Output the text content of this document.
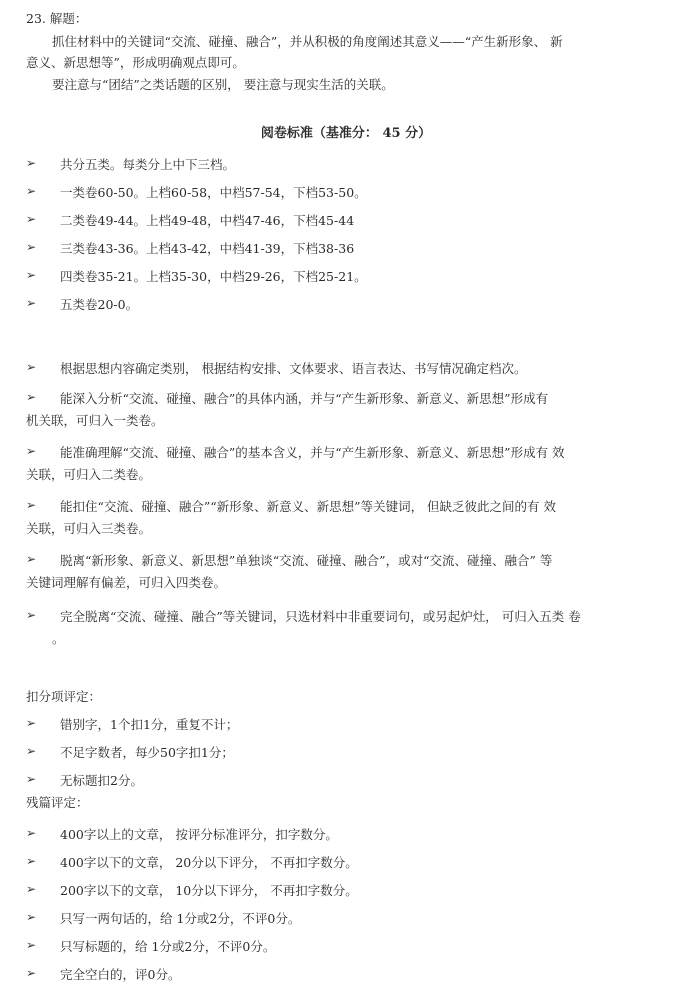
23. 解题：
抓住材料中的关键词“交流、碰撞、融合”，并从积极的角度阐述其意义——“产生新形象、 新
意义、新思想等”，形成明确观点即可。
要注意与“团结”之类话题的区别， 要注意与现实生活的关联。
阅卷标准（基准分： 45 分）
➢ 共分五类。每类分上中下三档。
➢ 一类卷60-50。上档60-58，中档57-54，下档53-50。
➢ 二类卷49-44。上档49-48，中档47-46，下档45-44
➢ 三类卷43-36。上档43-42，中档41-39，下档38-36
➢ 四类卷35-21。上档35-30，中档29-26，下档25-21。
➢ 五类卷20-0。
➢ 根据思想内容确定类别， 根据结构安排、文体要求、语言表达、书写情况确定档次。
➢ 能深入分析“交流、碰撞、融合”的具体内涵，并与“产生新形象、新意义、新思想”形成有
机关联，可归入一类卷。
➢ 能准确理解“交流、碰撞、融合”的基本含义，并与“产生新形象、新意义、新思想”形成有 效
关联，可归入二类卷。
➢ 能扣住“交流、碰撞、融合”“新形象、新意义、新思想”等关键词， 但缺乏彼此之间的有 效
关联，可归入三类卷。
➢ 脱离“新形象、新意义、新思想”单独谈“交流、碰撞、融合”，或对“交流、碰撞、融合” 等
关键词理解有偏差，可归入四类卷。
➢ 完全脱离“交流、碰撞、融合”等关键词，只选材料中非重要词句，或另起炉灶， 可归入五类 卷
。
扣分项评定：
➢ 错别字，1个扣1分，重复不计；
➢ 不足字数者，每少50字扣1分；
➢ 无标题扣2分。
残篇评定：
➢ 400字以上的文章， 按评分标准评分，扣字数分。
➢ 400字以下的文章， 20分以下评分， 不再扣字数分。
➢ 200字以下的文章， 10分以下评分， 不再扣字数分。
➢ 只写一两句话的，给 1分或2分，不评0分。
➢ 只写标题的，给 1分或2分，不评0分。
➢ 完全空白的，评0分。
